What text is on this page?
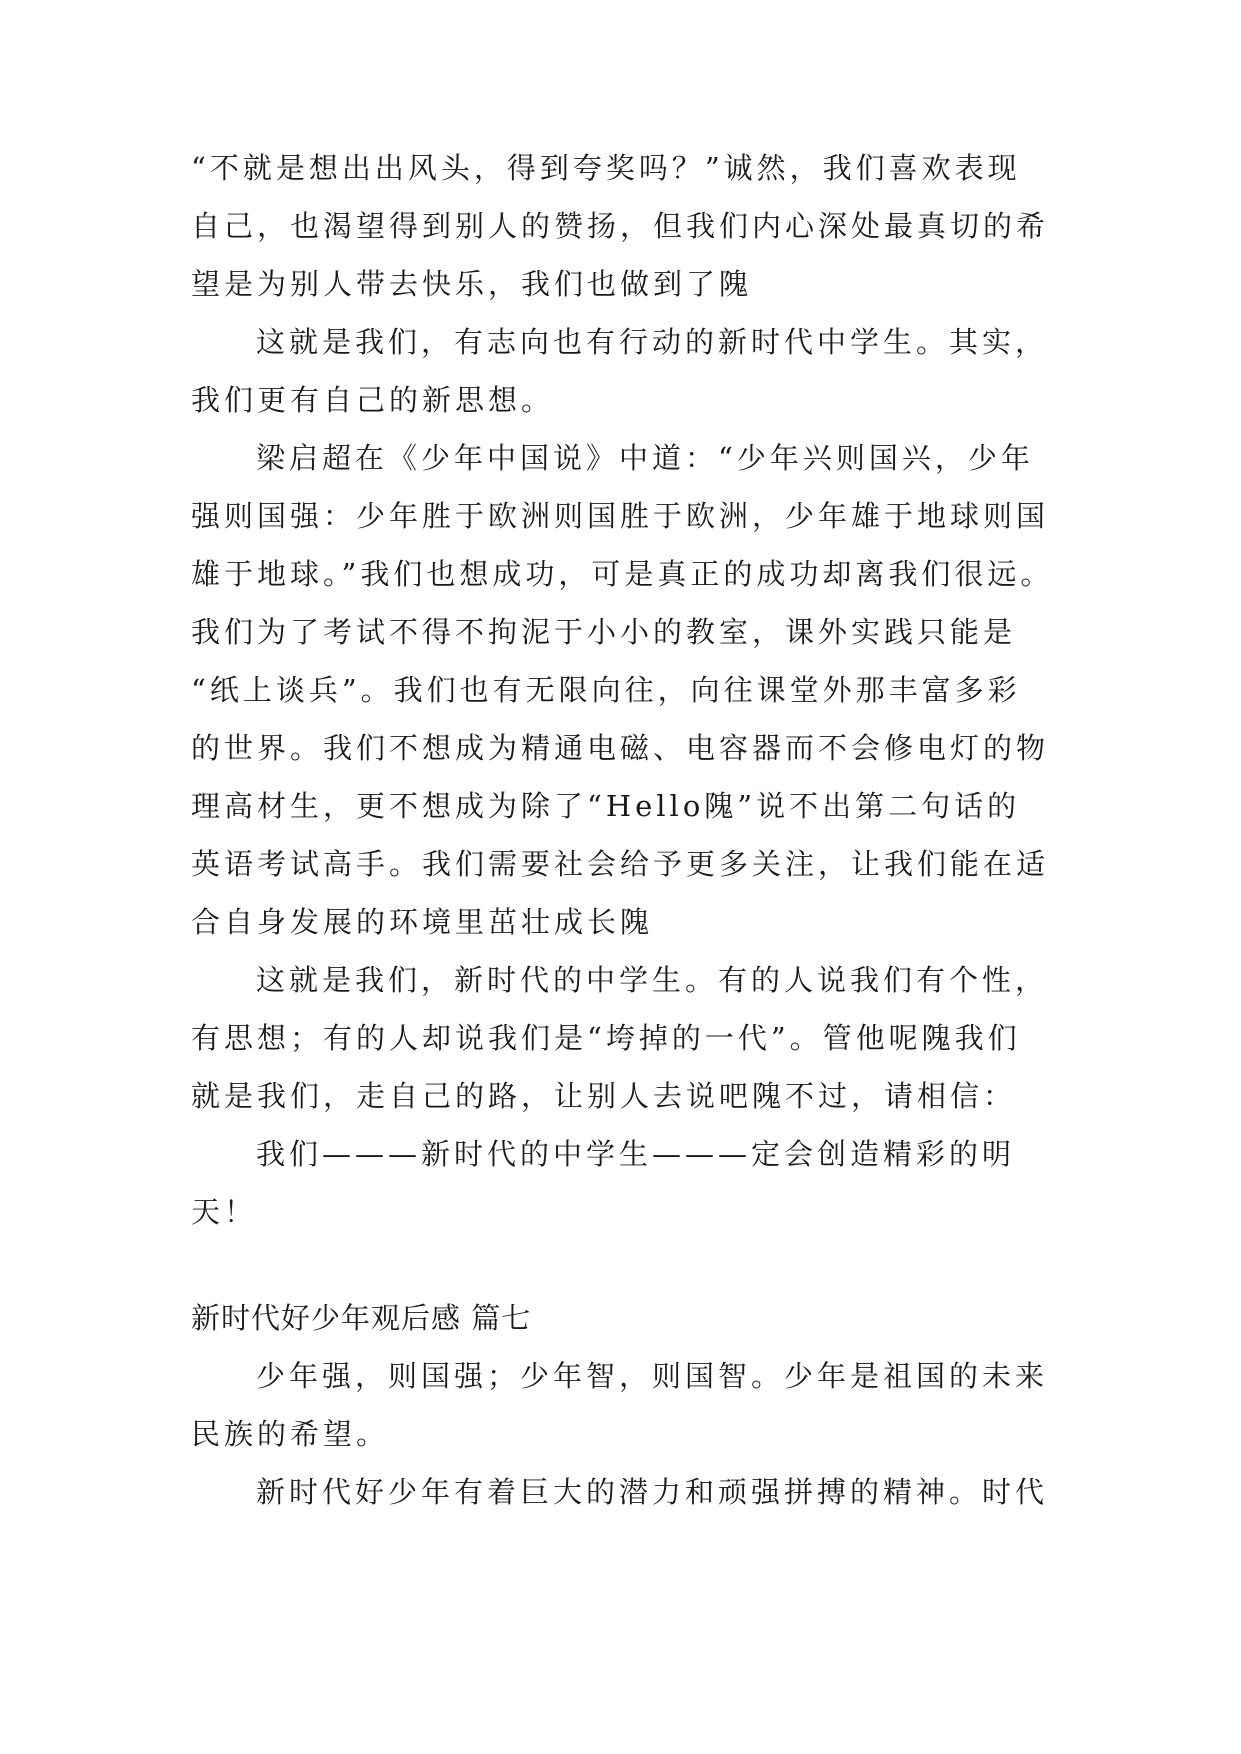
“不就是想出出风头，得到夸奖吗？”诚然，我们喜欢表现
自己，也渴望得到别人的赞扬，但我们内心深处最真切的希
望是为别人带去快乐，我们也做到了隗
这就是我们，有志向也有行动的新时代中学生。其实，
我们更有自己的新思想。
梁启超在《少年中国说》中道：“少年兴则国兴，少年
强则国强：少年胜于欧洲则国胜于欧洲，少年雄于地球则国
雄于地球。”我们也想成功，可是真正的成功却离我们很远。
我们为了考试不得不拘泥于小小的教室，课外实践只能是
“纸上谈兵”。我们也有无限向往，向往课堂外那丰富多彩
的世界。我们不想成为精通电磁、电容器而不会修电灯的物
理高材生，更不想成为除了“Hello隗”说不出第二句话的
英语考试高手。我们需要社会给予更多关注，让我们能在适
合自身发展的环境里茁壮成长隗
这就是我们，新时代的中学生。有的人说我们有个性，
有思想；有的人却说我们是“垮掉的一代”。管他呢隗我们
就是我们，走自己的路，让别人去说吧隗不过，请相信：
我们———新时代的中学生———定会创造精彩的明
天！
新时代好少年观后感 篇七
少年强，则国强；少年智，则国智。少年是祖国的未来
民族的希望。
新时代好少年有着巨大的潜力和顽强拼搏的精神。时代
